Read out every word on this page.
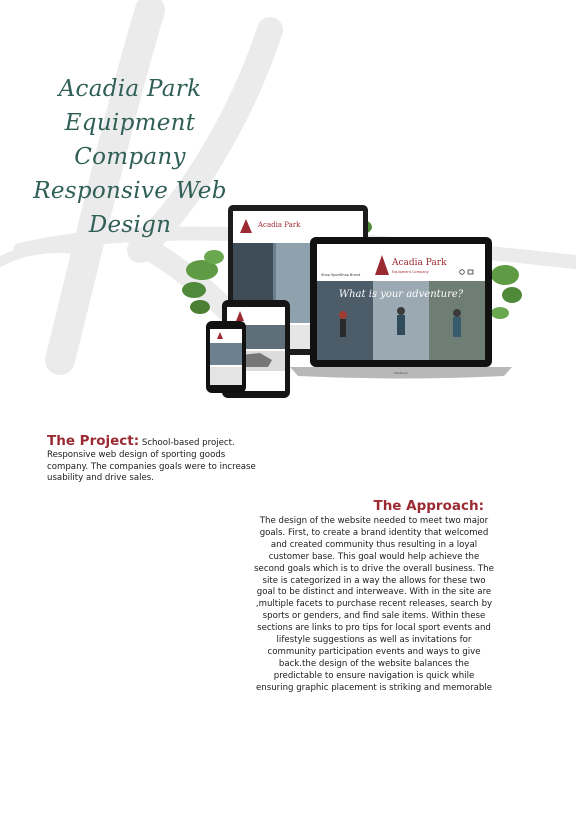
Acadia Park
Equipment Company
Responsive Web
Design	Acadia Park
Acadia Park
Equipment Company
Shop Sport Shop Brand
What is your adventure?
MacBook
The Project: School-based project. Responsive web design of sporting goods company. The companies goals were to increase usability and drive sales.
The Approach:
The design of the website needed to meet two major goals. First, to create a brand identity that welcomed and created community thus resulting in a loyal customer base. This goal would help achieve the second goals which is to drive the overall business. The site is categorized in a way the allows for these two goal to be distinct and interweave. With in the site are ,multiple facets to purchase recent releases, search by sports or genders, and find sale items. Within these sections are links to pro tips for local sport events and lifestyle suggestions as well as invitations for community participation events and ways to give back.the design of the website balances the predictable to ensure navigation is quick while ensuring graphic placement is striking and memorable
